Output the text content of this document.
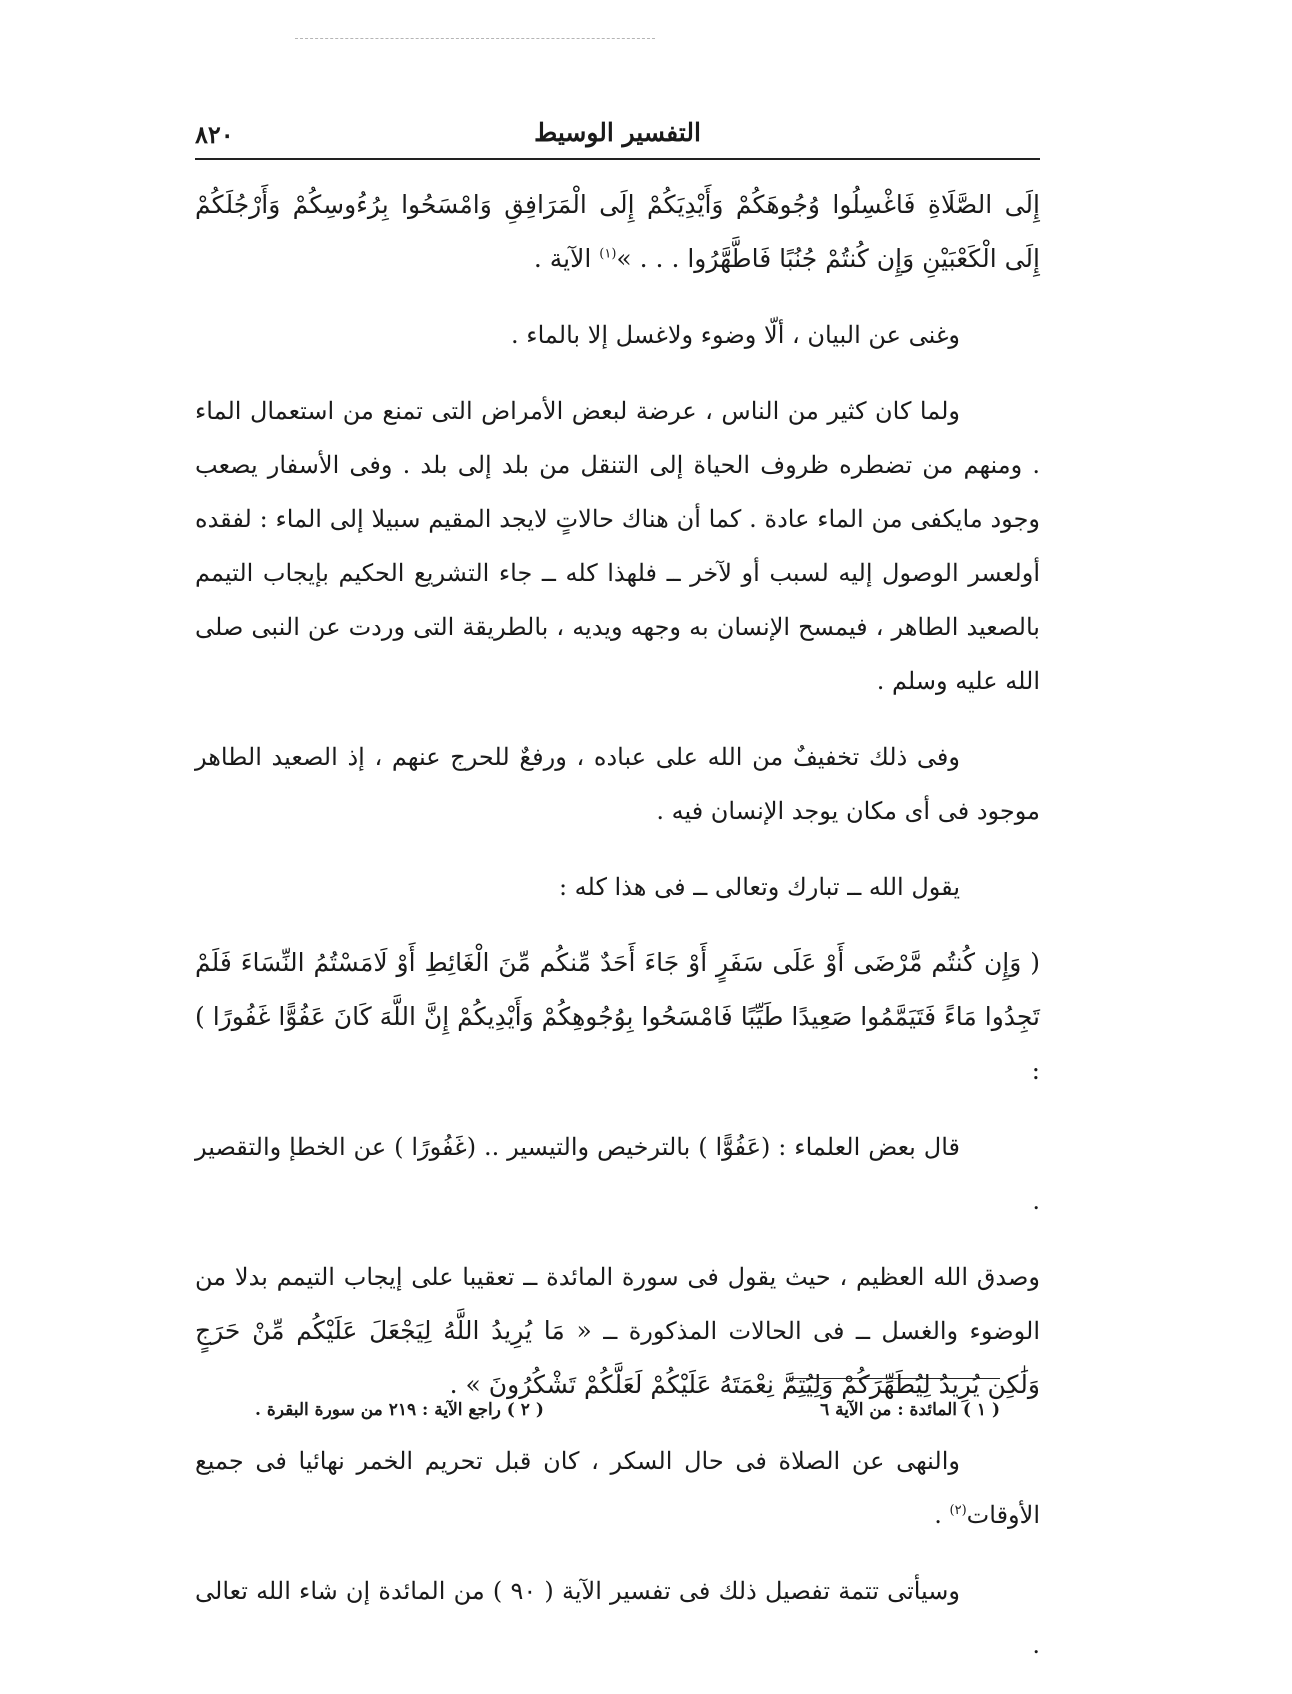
٨٢٠	التفسير الوسيط

إِلَى الصَّلَاةِ فَاغْسِلُوا وُجُوهَكُمْ وَأَيْدِيَكُمْ إِلَى الْمَرَافِقِ وَامْسَحُوا بِرُءُوسِكُمْ وَأَرْجُلَكُمْ إِلَى الْكَعْبَيْنِ وَإِن كُنتُمْ جُنُبًا فَاطَّهَّرُوا . . . »$^{(١)}$ الآية .

وغنى عن البيان ، ألّا وضوء ولاغسل إلا بالماء .

ولما كان كثير من الناس ، عرضة لبعض الأمراض التى تمنع من استعمال الماء . ومنهم من تضطره ظروف الحياة إلى التنقل من بلد إلى بلد . وفى الأسفار يصعب وجود مايكفى من الماء عادة . كما أن هناك حالاتٍ لايجد المقيم سبيلا إلى الماء : لفقده أولعسر الوصول إليه لسبب أو لآخر ــ فلهذا كله ــ جاء التشريع الحكيم بإيجاب التيمم بالصعيد الطاهر ، فيمسح الإنسان به وجهه ويديه ، بالطريقة التى وردت عن النبى صلى الله عليه وسلم .

وفى ذلك تخفيفٌ من الله على عباده ، ورفعٌ للحرج عنهم ، إذ الصعيد الطاهر موجود فى أى مكان يوجد الإنسان فيه .

يقول الله ــ تبارك وتعالى ــ فى هذا كله :

( وَإِن كُنتُم مَّرْضَى أَوْ عَلَى سَفَرٍ أَوْ جَاءَ أَحَدٌ مِّنكُم مِّنَ الْغَائِطِ أَوْ لَامَسْتُمُ النِّسَاءَ فَلَمْ تَجِدُوا مَاءً فَتَيَمَّمُوا صَعِيدًا طَيِّبًا فَامْسَحُوا بِوُجُوهِكُمْ وَأَيْدِيكُمْ إِنَّ اللَّهَ كَانَ عَفُوًّا غَفُورًا ) :

قال بعض العلماء : (عَفُوًّا ) بالترخيص والتيسير .. (غَفُورًا ) عن الخطإ والتقصير .

وصدق الله العظيم ، حيث يقول فى سورة المائدة ــ تعقيبا على إيجاب التيمم بدلا من الوضوء والغسل ــ فى الحالات المذكورة ــ « مَا يُرِيدُ اللَّهُ لِيَجْعَلَ عَلَيْكُم مِّنْ حَرَجٍ وَلَٰكِن يُرِيدُ لِيُطَهِّرَكُمْ وَلِيُتِمَّ نِعْمَتَهُ عَلَيْكُمْ لَعَلَّكُمْ تَشْكُرُونَ » .

والنهى عن الصلاة فى حال السكر ، كان قبل تحريم الخمر نهائيا فى جميع الأوقات$^{(٢)}$ .

وسيأتى تتمة تفصيل ذلك فى تفسير الآية ( ٩٠ ) من المائدة إن شاء الله تعالى .

( ١ ) المائدة : من الآية ٦
( ٢ ) راجع الآية : ٢١٩ من سورة البقرة .
